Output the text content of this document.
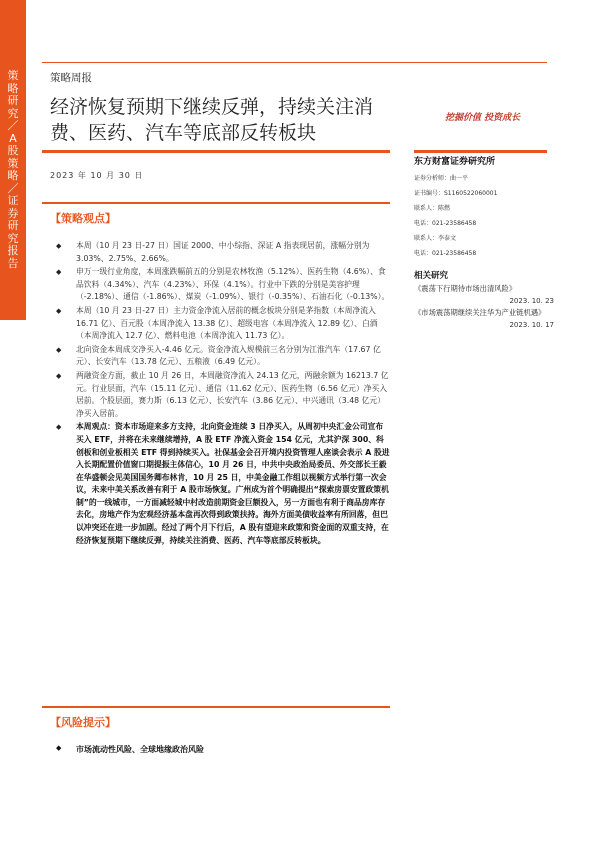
策略研究／A股策略／证券研究报告
策略周报
经济恢复预期下继续反弹，持续关注消费、医药、汽车等底部反转板块
挖掘价值 投资成长
2023 年 10 月 30 日
【策略观点】
◆ 本周（10 月 23 日-27 日）国证 2000、中小综指、深证 A 指表现居前，涨幅分别为 3.03%、2.75%、2.66%。
◆ 申万一级行业角度，本周涨跌幅前五的分别是农林牧渔（5.12%）、医药生物（4.6%）、食品饮料（4.34%）、汽车（4.23%）、环保（4.1%）。行业中下跌的分别是美容护理（-2.18%）、通信（-1.86%）、煤炭（-1.09%）、银行（-0.35%）、石油石化（-0.13%）。
◆ 本周（10 月 23 日-27 日）主力资金净流入居前的概念板块分别是茅指数（本周净流入 16.71 亿）、百元股（本周净流入 13.38 亿）、超级电容（本周净流入 12.89 亿）、白酒（本周净流入 12.7 亿）、燃料电池（本周净流入 11.73 亿）。
◆ 北向资金本周成交净买入-4.46 亿元。资金净流入规模前三名分别为江淮汽车（17.67 亿元）、长安汽车（13.78 亿元）、五粮液（6.49 亿元）。
◆ 两融资金方面，截止 10 月 26 日，本周融资净流入 24.13 亿元，两融余额为 16213.7 亿元。行业层面，汽车（15.11 亿元）、通信（11.62 亿元）、医药生物（6.56 亿元）净买入居前。个股层面，赛力斯（6.13 亿元）、长安汽车（3.86 亿元）、中兴通讯（3.48 亿元）净买入居前。
◆ 本周观点：资本市场迎来多方支持，北向资金连续 3 日净买入，从周初中央汇金公司宣布买入 ETF，并将在未来继续增持，A 股 ETF 净流入资金 154 亿元，尤其沪深 300、科创板和创业板相关 ETF 得到持续买入。社保基金会召开境内投资管理人座谈会表示 A 股进入长期配置价值窗口期提振主体信心，10 月 26 日，中共中央政治局委员、外交部长王毅在华盛顿会见美国国务卿布林肯，10 月 25 日，中美金融工作组以视频方式举行第一次会议，未来中美关系改善有利于 A 股市场恢复。广州成为首个明确提出“探索房票安置政策机制”的一线城市，一方面减轻城中村改造前期资金巨额投入，另一方面也有利于商品房库存去化，房地产作为宏观经济基本盘再次得到政策扶持。海外方面美债收益率有所回落，但巴以冲突还在进一步加剧。经过了两个月下行后，A 股有望迎来政策和资金面的双重支持，在经济恢复预期下继续反弹，持续关注消费、医药、汽车等底部反转板块。
【风险提示】
◆ 市场流动性风险、全球地缘政治风险
东方财富证券研究所
证券分析师：曲一平
证书编号：S1160522060001
联系人：陈燃
电话：021-23586458
联系人：李泰文
电话：021-23586458
相关研究
《震荡下行期待市场出清风险》
2023. 10. 23
《市场震荡期继续关注华为产业链机遇》
2023. 10. 17
